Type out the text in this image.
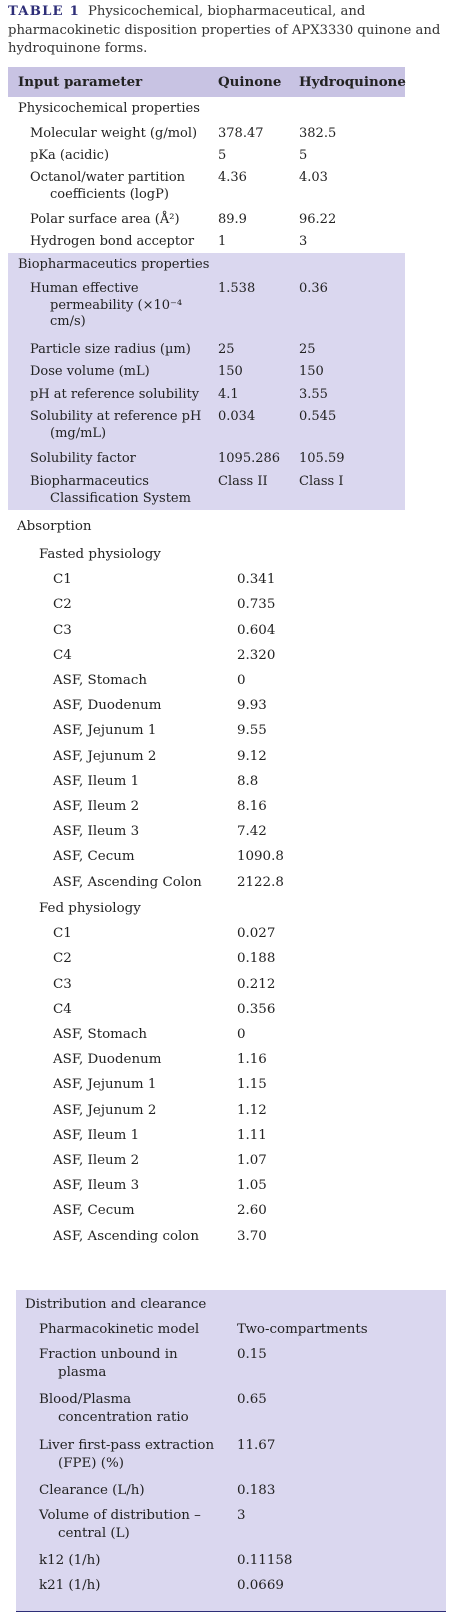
TABLE 1 Physicochemical, biopharmaceutical, and pharmacokinetic disposition properties of APX3330 quinone and hydroquinone forms.
Input parameter	Quinone Hydroquinone
Physicochemical properties
Molecular weight (g/mol) 378.47	382.5
pKa (acidic)	5	5
Octanol/water partition
coefficients (logP)
4.36	4.03
Polar surface area (Å²)	89.9	96.22
Hydrogen bond acceptor 1	3
Biopharmaceutics properties
Human effective
permeability (×10⁻⁴
cm/s)
1.538	0.36
Particle size radius (µm) 25	25
Dose volume (mL)	150	150
pH at reference solubility 4.1	3.55
Solubility at reference pH
(mg/mL)
0.034	0.545
Solubility factor	1095.286 105.59
Biopharmaceutics
Classification System
Class II Class I
Absorption
Fasted physiology
C1	0.341
C2	0.735
C3	0.604
C4	2.320
ASF, Stomach	0
ASF, Duodenum	9.93
ASF, Jejunum 1	9.55
ASF, Jejunum 2	9.12
ASF, Ileum 1	8.8
ASF, Ileum 2	8.16
ASF, Ileum 3	7.42
ASF, Cecum	1090.8
ASF, Ascending Colon	2122.8
Fed physiology
C1	0.027
C2	0.188
C3	0.212
C4	0.356
ASF, Stomach	0
ASF, Duodenum	1.16
ASF, Jejunum 1	1.15
ASF, Jejunum 2	1.12
ASF, Ileum 1	1.11
ASF, Ileum 2	1.07
ASF, Ileum 3	1.05
ASF, Cecum	2.60
ASF, Ascending colon	3.70
Distribution and clearance
Pharmacokinetic model	Two-compartments
Fraction unbound in
plasma
0.15
Blood/Plasma
concentration ratio
0.65
Liver first-pass extraction
(FPE) (%)
11.67
Clearance (L/h)	0.183
Volume of distribution –
central (L)
3
k12 (1/h)	0.11158
k21 (1/h)	0.0669
